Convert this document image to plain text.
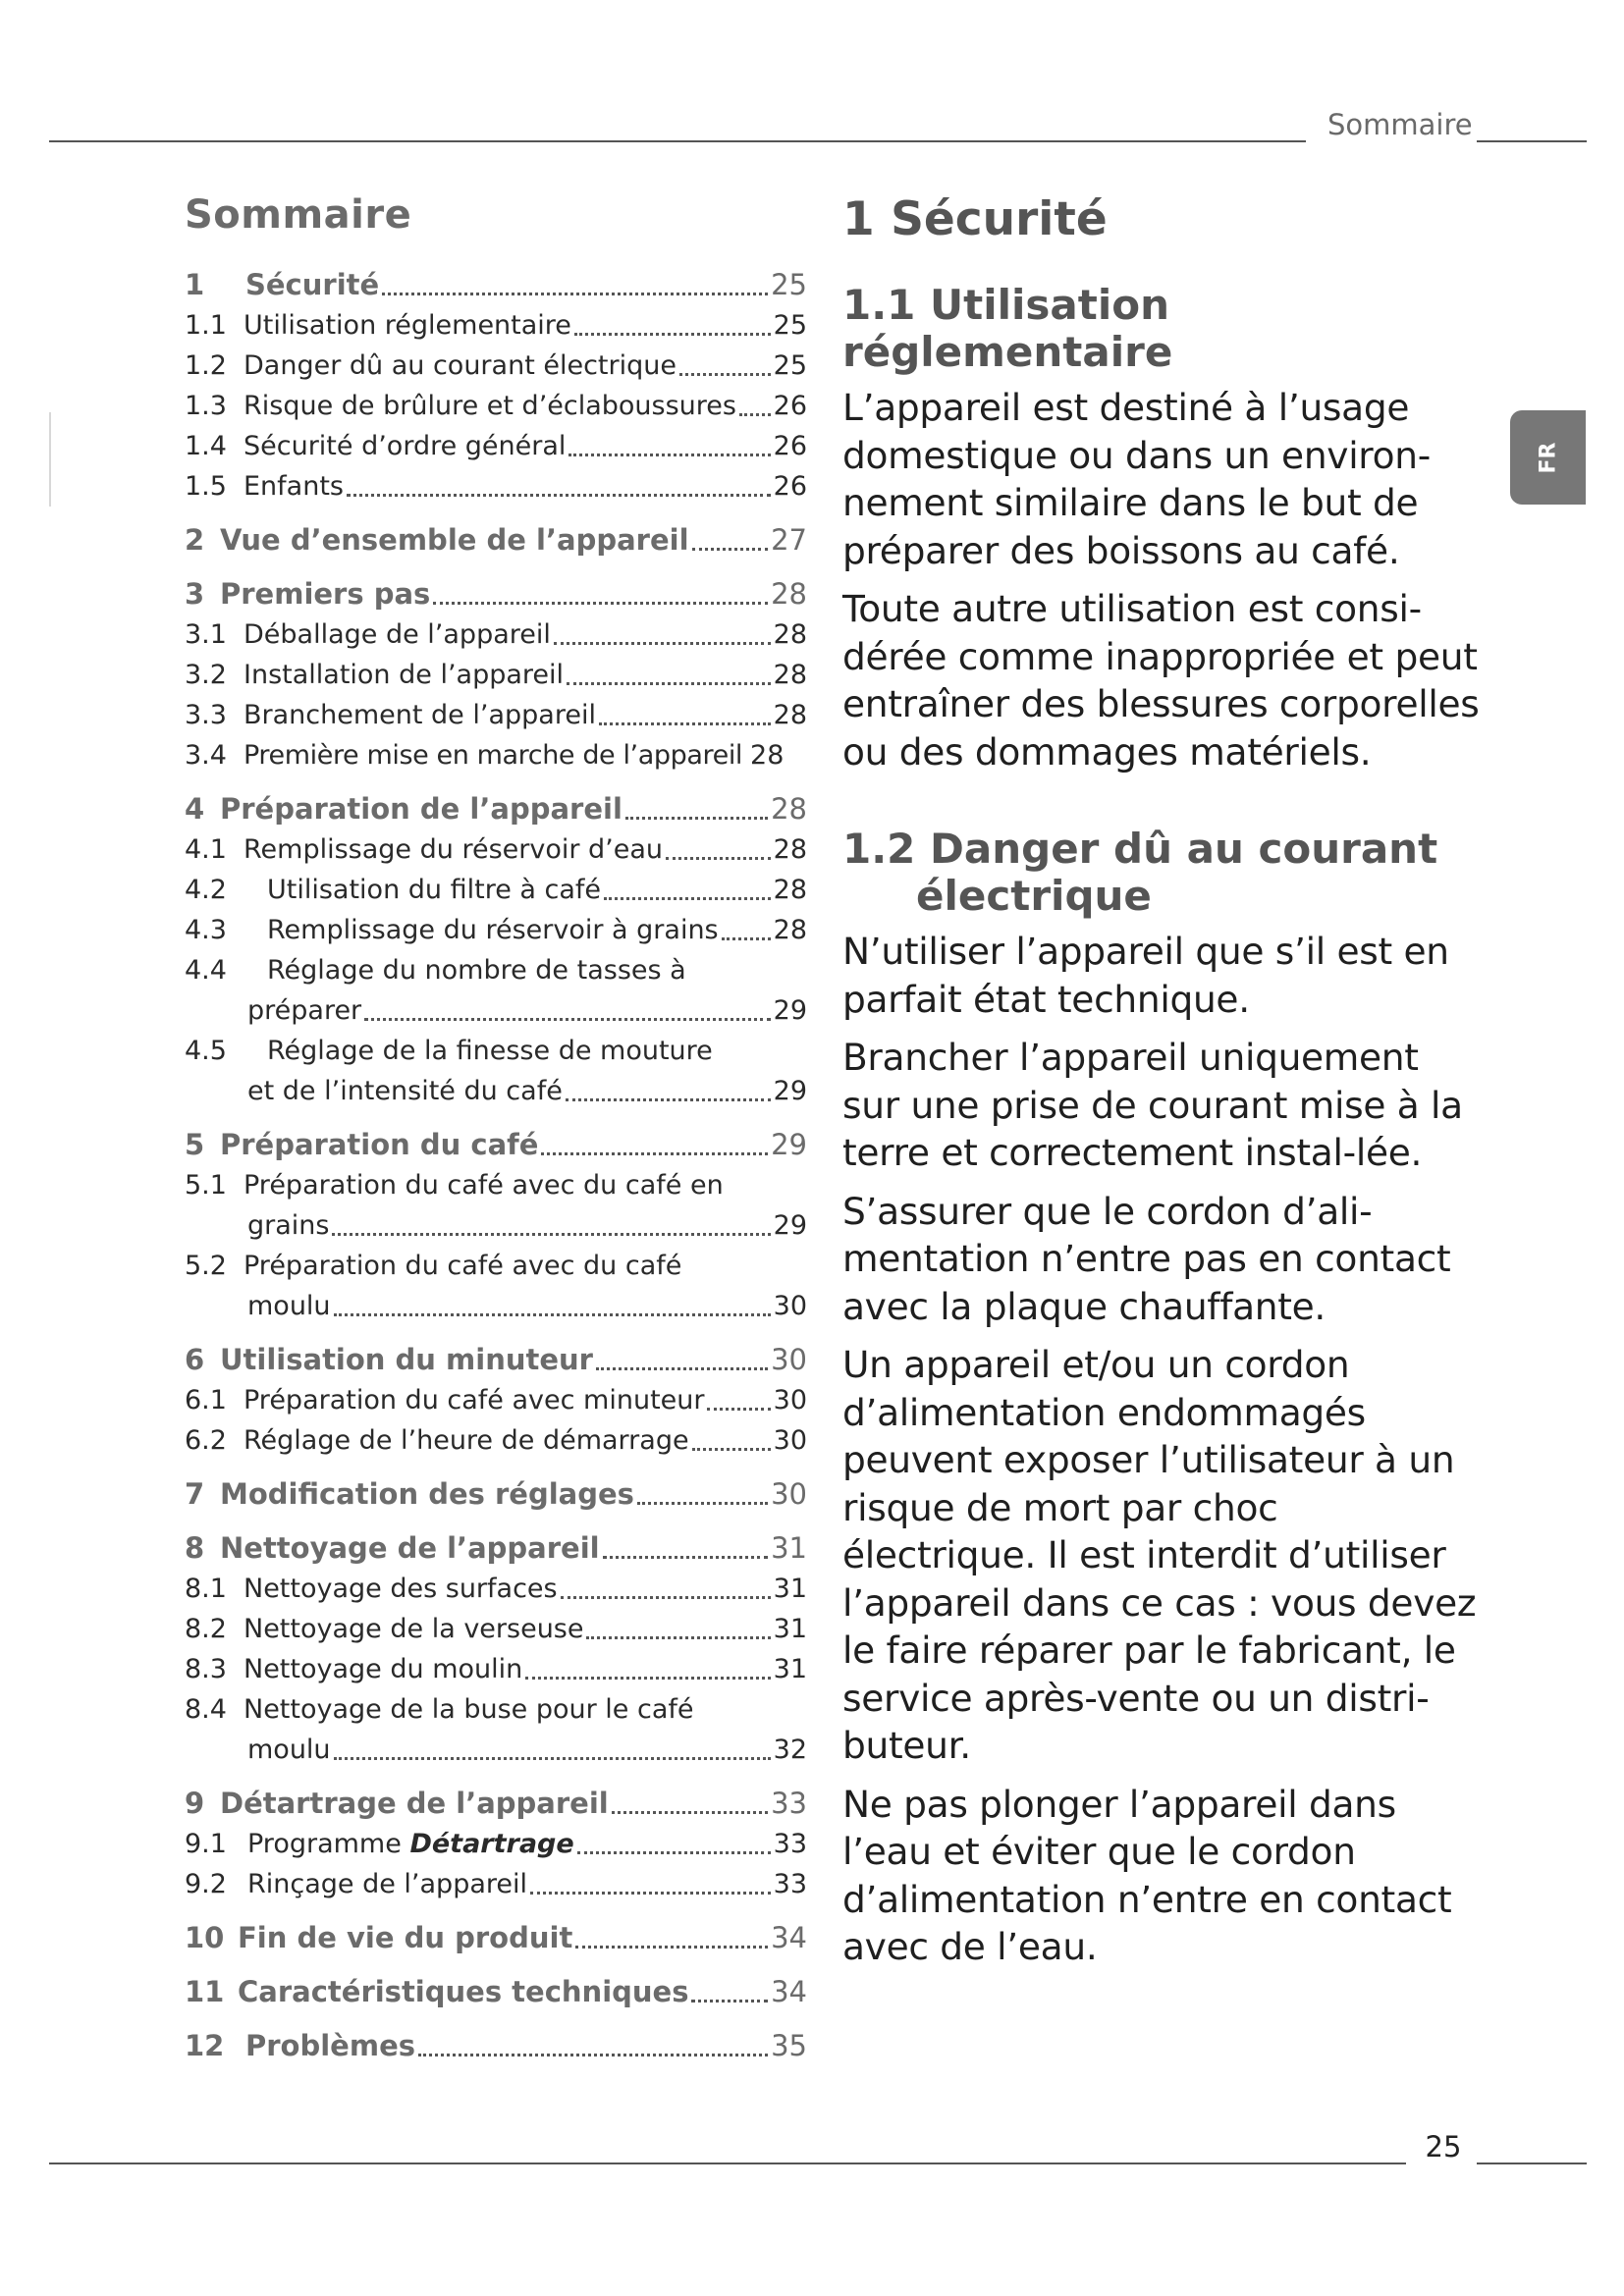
Sommaire
25
FR
Sommaire
1	Sécurité	25
1.1 Utilisation réglementaire	25
1.2 Danger dû au courant électrique	25
1.3 Risque de brûlure et d’éclaboussures 26
1.4 Sécurité d’ordre général	26
1.5 Enfants	26
2 Vue d’ensemble de l’appareil	27
3 Premiers pas	28
3.1 Déballage de l’appareil	28
3.2 Installation de l’appareil	28
3.3 Branchement de l’appareil	28
3.4 Première mise en marche de l’appareil 28
4 Préparation de l’appareil	28
4.1 Remplissage du réservoir d’eau	28
4.2	Utilisation du filtre à café	28
4.3	Remplissage du réservoir à grains 28
4.4	Réglage du nombre de tasses à
préparer	29
4.5	Réglage de la finesse de mouture
et de l’intensité du café	29
5 Préparation du café	29
5.1 Préparation du café avec du café en
grains	29
5.2 Préparation du café avec du café
moulu	30
6 Utilisation du minuteur	30
6.1 Préparation du café avec minuteur	30
6.2 Réglage de l’heure de démarrage	30
7 Modification des réglages	30
8 Nettoyage de l’appareil	31
8.1 Nettoyage des surfaces	31
8.2 Nettoyage de la verseuse	31
8.3 Nettoyage du moulin	31
8.4 Nettoyage de la buse pour le café
moulu	32
9 Détartrage de l’appareil	33
9.1 Programme Détartrage	33
9.2 Rinçage de l’appareil	33
10 Fin de vie du produit	34
11 Caractéristiques techniques	34
12 Problèmes	35
1 Sécurité
1.1 Utilisation réglementaire

L’appareil est destiné à l’usage domestique ou dans un environ-nement similaire dans le but de préparer des boissons au café.

Toute autre utilisation est consi-dérée comme inappropriée et peut entraîner des blessures corporelles ou des dommages matériels.

1.2 Danger dû au courant
électrique

N’utiliser l’appareil que s’il est en parfait état technique.

Brancher l’appareil uniquement sur une prise de courant mise à la terre et correctement instal-lée.

S’assurer que le cordon d’ali-mentation n’entre pas en contact avec la plaque chauffante.

Un appareil et/ou un cordon d’alimentation endommagés peuvent exposer l’utilisateur à un risque de mort par choc électrique. Il est interdit d’utiliser l’appareil dans ce cas : vous devez le faire réparer par le fabricant, le service après-vente ou un distri-buteur.

Ne pas plonger l’appareil dans l’eau et éviter que le cordon d’alimentation n’entre en contact avec de l’eau.
